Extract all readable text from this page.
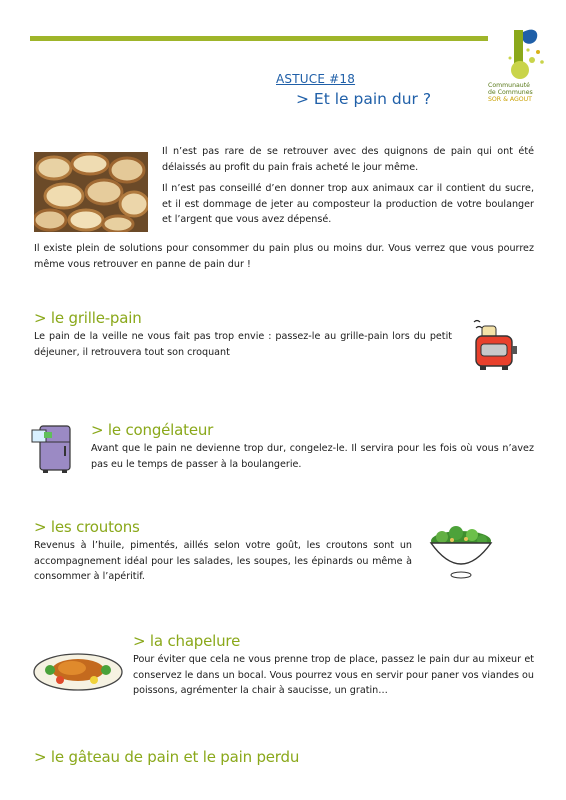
Communauté
de Communes
SOR & AGOUT
ASTUCE #18
> Et le pain dur ?

Il n’est pas rare de se retrouver avec des quignons de pain qui ont été délaissés au profit du pain frais acheté le jour même.

Il n’est pas conseillé d’en donner trop aux animaux car il contient du sucre, et il est dommage de jeter au composteur la production de votre boulanger et l’argent que vous avez dépensé.

Il existe plein de solutions pour consommer du pain plus ou moins dur. Vous verrez que vous pourrez même vous retrouver en panne de pain dur !

> le grille-pain
Le pain de la veille ne vous fait pas trop envie : passez-le au grille-pain lors du petit déjeuner, il retrouvera tout son croquant
> le congélateur
Avant que le pain ne devienne trop dur, congelez-le. Il servira pour les fois où vous n’avez pas eu le temps de passer à la boulangerie.
> les croutons
Revenus à l’huile, pimentés, aillés selon votre goût, les croutons sont un accompagnement idéal pour les salades, les soupes, les épinards ou même à consommer à l’apéritif.
> la chapelure
Pour éviter que cela ne vous prenne trop de place, passez le pain dur au mixeur et conservez le dans un bocal. Vous pourrez vous en servir pour paner vos viandes ou poissons, agrémenter la chair à saucisse, un gratin…
> le gâteau de pain et le pain perdu
